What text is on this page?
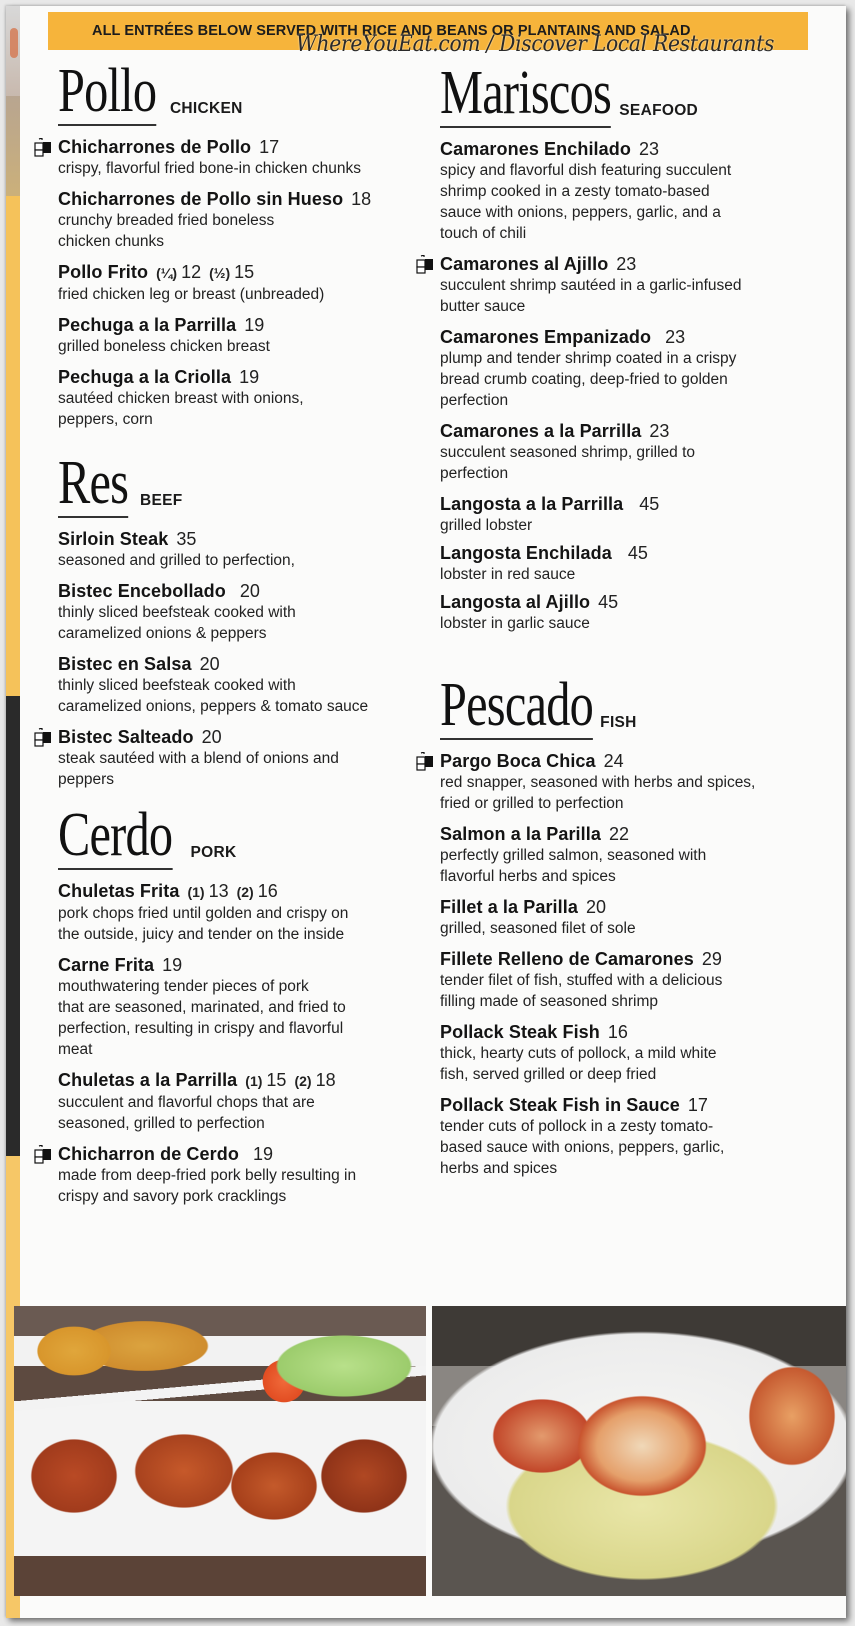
ALL ENTRÉES BELOW SERVED WITH RICE AND BEANS OR PLANTAINS AND SALAD
WhereYouEat.com / Discover Local Restaurants
Pollo CHICKEN
Chicharrones de Pollo 17
crispy, flavorful fried bone-in chicken chunks
Chicharrones de Pollo sin Hueso 18
crunchy breaded fried boneless
chicken chunks
Pollo Frito (¼) 12 (½) 15
fried chicken leg or breast (unbreaded)
Pechuga a la Parrilla 19
grilled boneless chicken breast
Pechuga a la Criolla 19
sautéed chicken breast with onions,
peppers, corn
Res BEEF
Sirloin Steak 35
seasoned and grilled to perfection,
Bistec Encebollado 20
thinly sliced beefsteak cooked with
caramelized onions & peppers
Bistec en Salsa 20
thinly sliced beefsteak cooked with
caramelized onions, peppers & tomato sauce
Bistec Salteado 20
steak sautéed with a blend of onions and
peppers
Cerdo PORK
Chuletas Frita (1) 13 (2) 16
pork chops fried until golden and crispy on
the outside, juicy and tender on the inside
Carne Frita 19
mouthwatering tender pieces of pork
that are seasoned, marinated, and fried to
perfection, resulting in crispy and flavorful
meat
Chuletas a la Parrilla (1) 15 (2) 18
succulent and flavorful chops that are
seasoned, grilled to perfection
Chicharron de Cerdo 19
made from deep-fried pork belly resulting in
crispy and savory pork cracklings
Mariscos SEAFOOD
Camarones Enchilado 23
spicy and flavorful dish featuring succulent
shrimp cooked in a zesty tomato-based
sauce with onions, peppers, garlic, and a
touch of chili
Camarones al Ajillo 23
succulent shrimp sautéed in a garlic-infused
butter sauce
Camarones Empanizado 23
plump and tender shrimp coated in a crispy
bread crumb coating, deep-fried to golden
perfection
Camarones a la Parrilla 23
succulent seasoned shrimp, grilled to
perfection
Langosta a la Parrilla 45
grilled lobster
Langosta Enchilada 45
lobster in red sauce
Langosta al Ajillo 45
lobster in garlic sauce
Pescado FISH
Pargo Boca Chica 24
red snapper, seasoned with herbs and spices,
fried or grilled to perfection
Salmon a la Parilla 22
perfectly grilled salmon, seasoned with
flavorful herbs and spices
Fillet a la Parilla 20
grilled, seasoned filet of sole
Fillete Relleno de Camarones 29
tender filet of fish, stuffed with a delicious
filling made of seasoned shrimp
Pollack Steak Fish 16
thick, hearty cuts of pollock, a mild white
fish, served grilled or deep fried
Pollack Steak Fish in Sauce 17
tender cuts of pollock in a zesty tomato-
based sauce with onions, peppers, garlic,
herbs and spices
